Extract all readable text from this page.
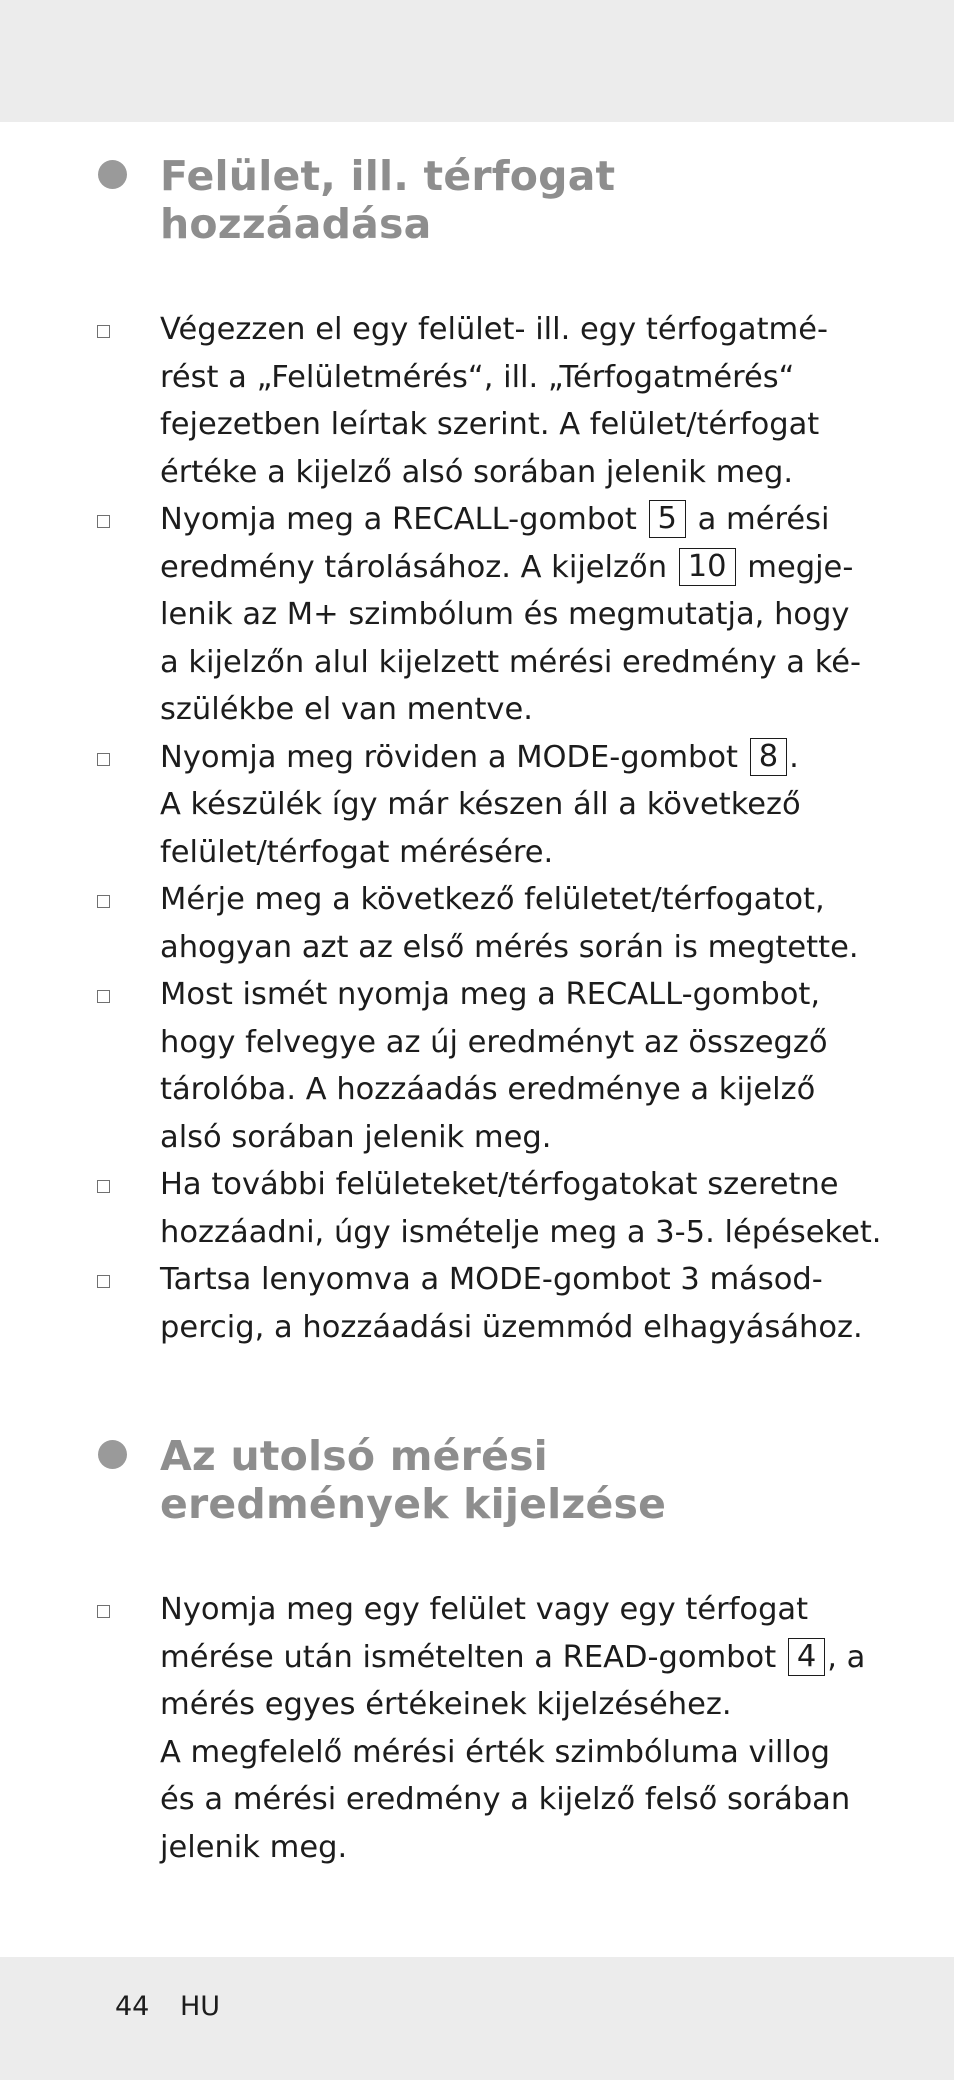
Felület, ill. térfogat
hozzáadása
Végezzen el egy felület- ill. egy térfogatmé-
rést a „Felületmérés“, ill. „Térfogatmérés“
fejezetben leírtak szerint. A felület/térfogat
értéke a kijelző alsó sorában jelenik meg.
Nyomja meg a RECALL-gombot 5 a mérési
eredmény tárolásához. A kijelzőn 10 megje-
lenik az M+ szimbólum és megmutatja, hogy
a kijelzőn alul kijelzett mérési eredmény a ké-
szülékbe el van mentve.
Nyomja meg röviden a MODE-gombot 8 .
A készülék így már készen áll a következő
felület/térfogat mérésére.
Mérje meg a következő felületet/térfogatot,
ahogyan azt az első mérés során is megtette.
Most ismét nyomja meg a RECALL-gombot,
hogy felvegye az új eredményt az összegző
tárolóba. A hozzáadás eredménye a kijelző
alsó sorában jelenik meg.
Ha további felületeket/térfogatokat szeretne
hozzáadni, úgy ismételje meg a 3-5. lépéseket.
Tartsa lenyomva a MODE-gombot 3 másod-
percig, a hozzáadási üzemmód elhagyásához.
Az utolsó mérési
eredmények kijelzése
Nyomja meg egy felület vagy egy térfogat
mérése után ismételten a READ-gombot 4 , a
mérés egyes értékeinek kijelzéséhez.
A megfelelő mérési érték szimbóluma villog
és a mérési eredmény a kijelző felső sorában
jelenik meg.
44 HU
